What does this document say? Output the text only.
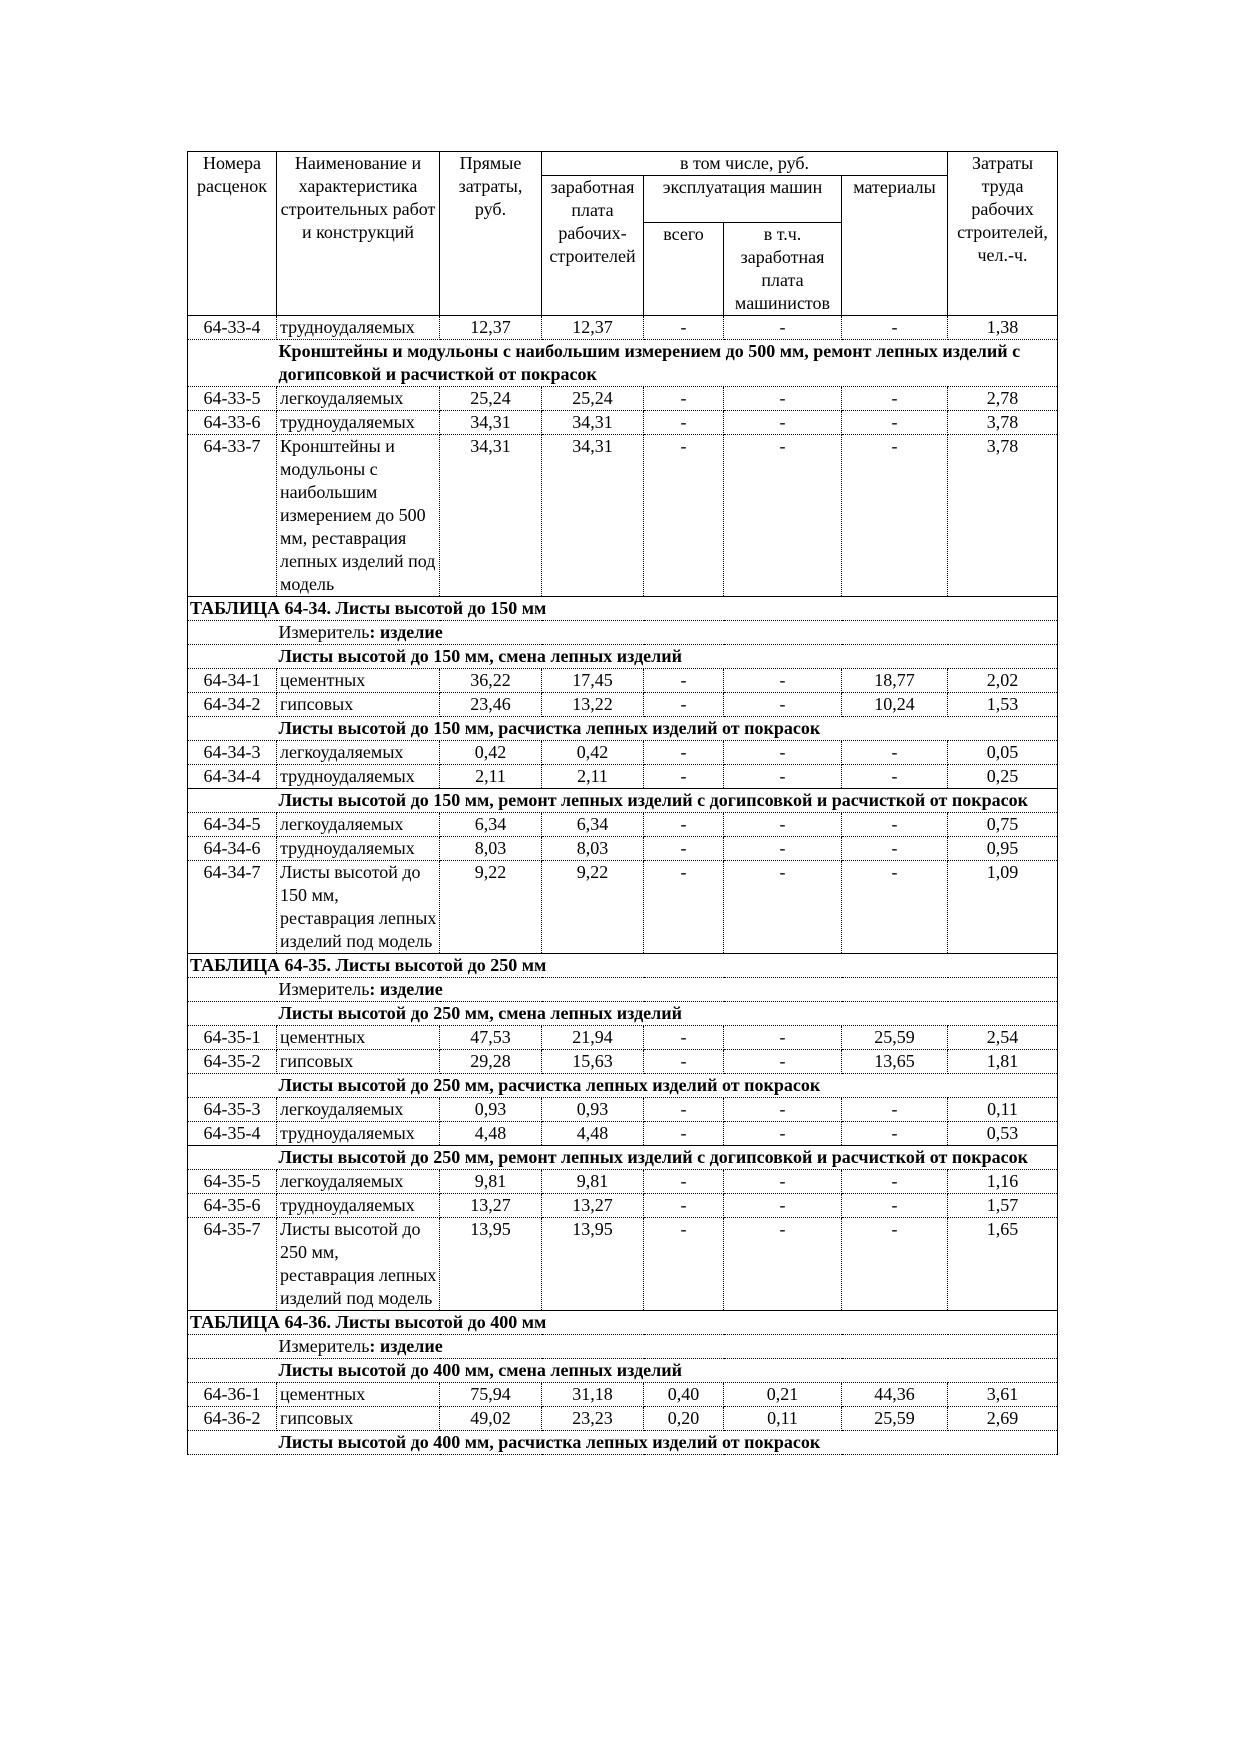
Номера расценок	Наименование и характеристика строительных работ и конструкций	Прямые затраты, руб.	в том числе, руб.				Затраты труда рабочих строителей, чел.-ч.
			заработная плата рабочих-строителей	эксплуатация машин		материалы	
				всего	в т.ч. заработная плата машинистов		
64-33-4	трудноудаляемых	12,37	12,37	-	-	-	1,38
	Кронштейны и модульоны с наибольшим измерением до 500 мм, ремонт лепных изделий с догипсовкой и расчисткой от покрасок						
64-33-5	легкоудаляемых	25,24	25,24	-	-	-	2,78
64-33-6	трудноудаляемых	34,31	34,31	-	-	-	3,78
64-33-7	Кронштейны и модульоны с наибольшим измерением до 500 мм, реставрация лепных изделий под модель	34,31	34,31	-	-	-	3,78
ТАБЛИЦА 64-34. Листы высотой до 150 мм							
	Измеритель: изделие						
	Листы высотой до 150 мм, смена лепных изделий						
64-34-1	цементных	36,22	17,45	-	-	18,77	2,02
64-34-2	гипсовых	23,46	13,22	-	-	10,24	1,53
	Листы высотой до 150 мм, расчистка лепных изделий от покрасок						
64-34-3	легкоудаляемых	0,42	0,42	-	-	-	0,05
64-34-4	трудноудаляемых	2,11	2,11	-	-	-	0,25
	Листы высотой до 150 мм, ремонт лепных изделий с догипсовкой и расчисткой от покрасок						
64-34-5	легкоудаляемых	6,34	6,34	-	-	-	0,75
64-34-6	трудноудаляемых	8,03	8,03	-	-	-	0,95
64-34-7	Листы высотой до 150 мм, реставрация лепных изделий под модель	9,22	9,22	-	-	-	1,09
ТАБЛИЦА 64-35. Листы высотой до 250 мм							
	Измеритель: изделие						
	Листы высотой до 250 мм, смена лепных изделий						
64-35-1	цементных	47,53	21,94	-	-	25,59	2,54
64-35-2	гипсовых	29,28	15,63	-	-	13,65	1,81
	Листы высотой до 250 мм, расчистка лепных изделий от покрасок						
64-35-3	легкоудаляемых	0,93	0,93	-	-	-	0,11
64-35-4	трудноудаляемых	4,48	4,48	-	-	-	0,53
	Листы высотой до 250 мм, ремонт лепных изделий с догипсовкой и расчисткой от покрасок						
64-35-5	легкоудаляемых	9,81	9,81	-	-	-	1,16
64-35-6	трудноудаляемых	13,27	13,27	-	-	-	1,57
64-35-7	Листы высотой до 250 мм, реставрация лепных изделий под модель	13,95	13,95	-	-	-	1,65
ТАБЛИЦА 64-36. Листы высотой до 400 мм							
	Измеритель: изделие						
	Листы высотой до 400 мм, смена лепных изделий						
64-36-1	цементных	75,94	31,18	0,40	0,21	44,36	3,61
64-36-2	гипсовых	49,02	23,23	0,20	0,11	25,59	2,69
	Листы высотой до 400 мм, расчистка лепных изделий от покрасок						
